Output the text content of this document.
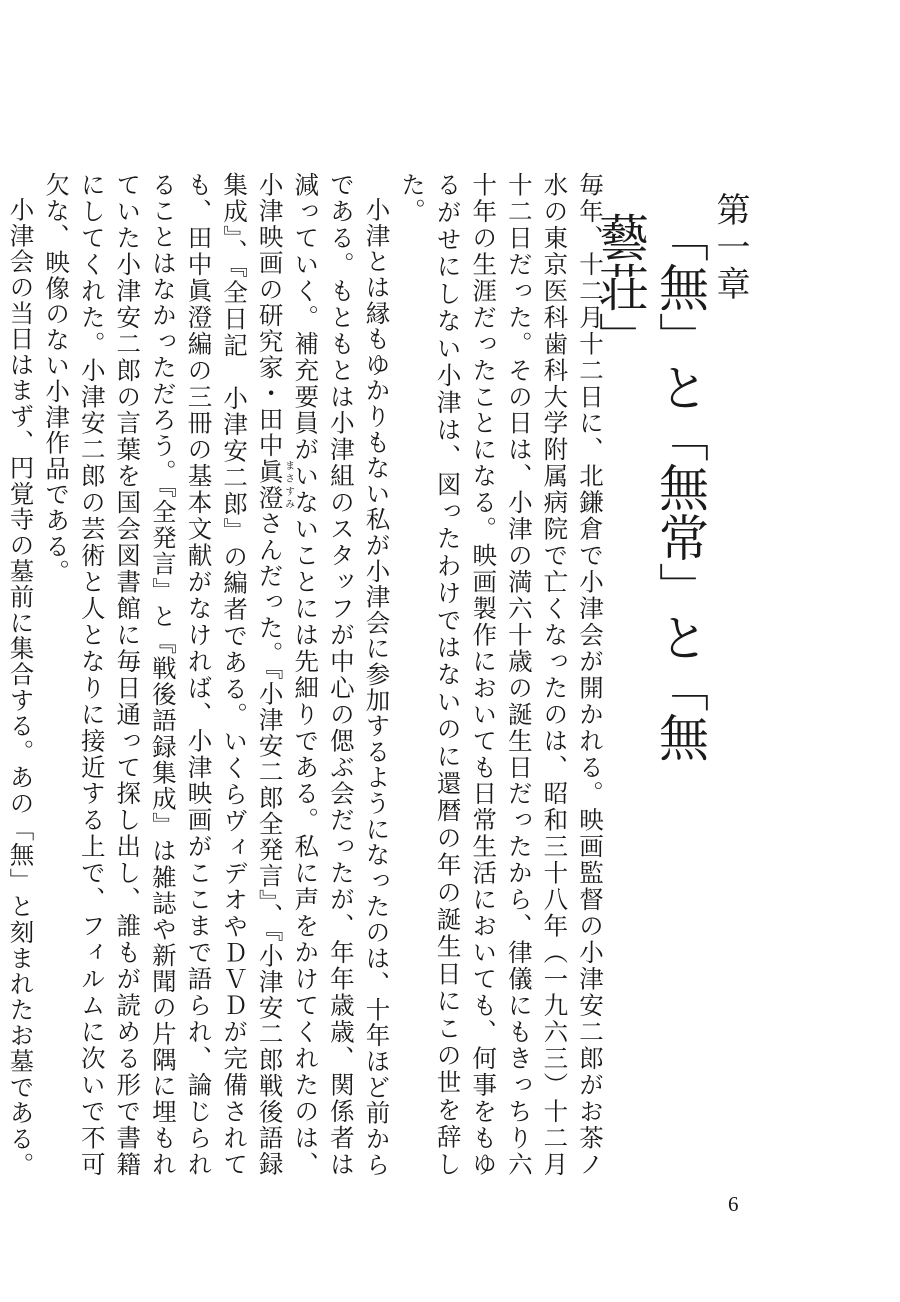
第一章
「無」と「無常」と「無藝荘」

毎年、十二月十二日に、北鎌倉で小津会が開かれる。映画監督の小津安二郎がお茶ノ水の東京医科歯科大学附属病院で亡くなったのは、昭和三十八年（一九六三）十二月十二日だった。その日は、小津の満六十歳の誕生日だったから、律儀にもきっちり六十年の生涯だったことになる。映画製作においても日常生活においても、何事をもゆるがせにしない小津は、図ったわけではないのに還暦の年の誕生日にこの世を辞した。

小津とは縁もゆかりもない私が小津会に参加するようになったのは、十年ほど前からである。もともとは小津組のスタッフが中心の偲ぶ会だったが、年年歳歳、関係者は減っていく。補充要員がいないことには先細りである。私に声をかけてくれたのは、小津映画の研究家・田中眞澄まさすみさんだった。『小津安二郎全発言』、『小津安二郎戦後語録集成』、『全日記　小津安二郎』の編者である。いくらヴィデオやＤＶＤが完備されても、田中眞澄編の三冊の基本文献がなければ、小津映画がここまで語られ、論じられることはなかっただろう。『全発言』と『戦後語録集成』は雑誌や新聞の片隅に埋もれていた小津安二郎の言葉を国会図書館に毎日通って探し出し、誰もが読める形で書籍にしてくれた。小津安二郎の芸術と人となりに接近する上で、フィルムに次いで不可欠な、映像のない小津作品である。

小津会の当日はまず、円覚寺の墓前に集合する。あの「無」と刻まれたお墓である。

6
